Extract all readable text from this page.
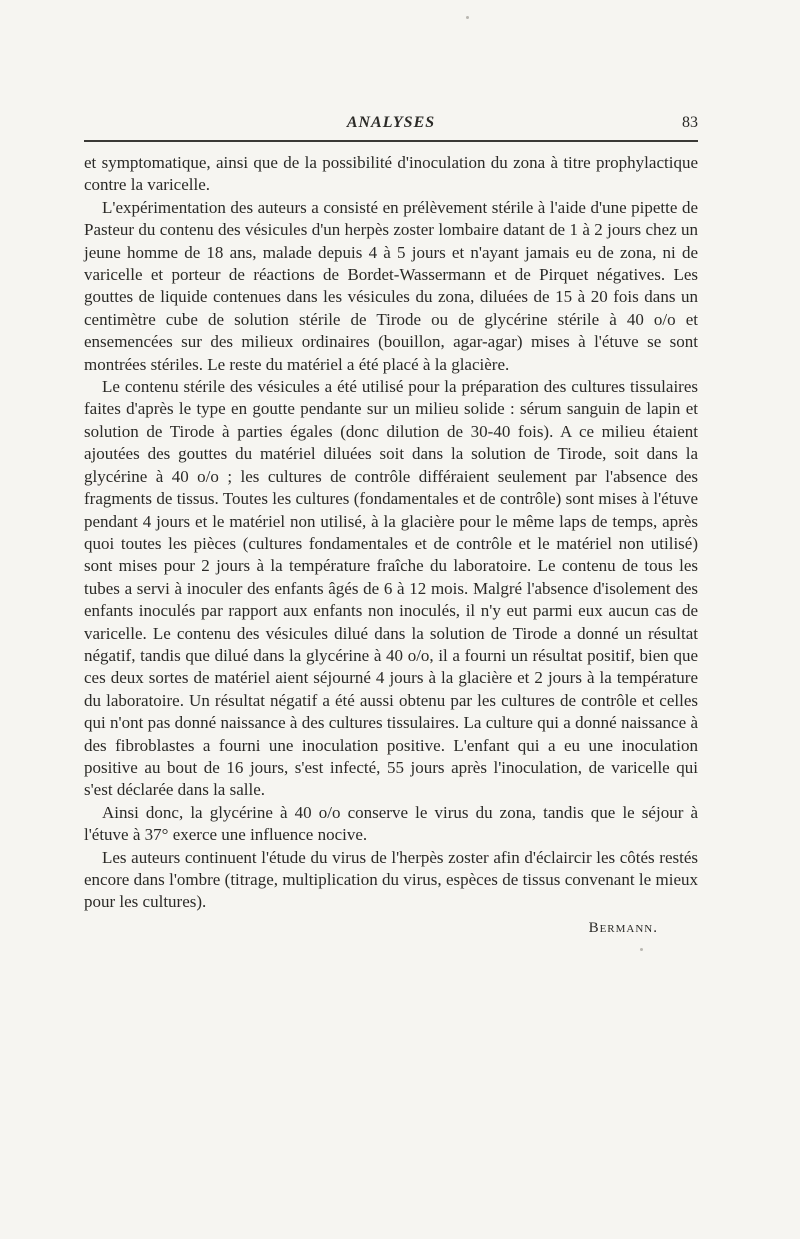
ANALYSES	83

et symptomatique, ainsi que de la possibilité d'inoculation du zona à titre prophylactique contre la varicelle.

L'expérimentation des auteurs a consisté en prélèvement stérile à l'aide d'une pipette de Pasteur du contenu des vésicules d'un herpès zoster lombaire datant de 1 à 2 jours chez un jeune homme de 18 ans, malade depuis 4 à 5 jours et n'ayant jamais eu de zona, ni de varicelle et porteur de réactions de Bordet-Wassermann et de Pirquet négatives. Les gouttes de liquide contenues dans les vésicules du zona, diluées de 15 à 20 fois dans un centimètre cube de solution stérile de Tirode ou de glycérine stérile à 40 o/o et ensemencées sur des milieux ordinaires (bouillon, agar-agar) mises à l'étuve se sont montrées stériles. Le reste du matériel a été placé à la glacière.

Le contenu stérile des vésicules a été utilisé pour la préparation des cultures tissulaires faites d'après le type en goutte pendante sur un milieu solide : sérum sanguin de lapin et solution de Tirode à parties égales (donc dilution de 30-40 fois). A ce milieu étaient ajoutées des gouttes du matériel diluées soit dans la solution de Tirode, soit dans la glycérine à 40 o/o ; les cultures de contrôle différaient seulement par l'absence des fragments de tissus. Toutes les cultures (fondamentales et de contrôle) sont mises à l'étuve pendant 4 jours et le matériel non utilisé, à la glacière pour le même laps de temps, après quoi toutes les pièces (cultures fondamentales et de contrôle et le matériel non utilisé) sont mises pour 2 jours à la température fraîche du laboratoire. Le contenu de tous les tubes a servi à inoculer des enfants âgés de 6 à 12 mois. Malgré l'absence d'isolement des enfants inoculés par rapport aux enfants non inoculés, il n'y eut parmi eux aucun cas de varicelle. Le contenu des vésicules dilué dans la solution de Tirode a donné un résultat négatif, tandis que dilué dans la glycérine à 40 o/o, il a fourni un résultat positif, bien que ces deux sortes de matériel aient séjourné 4 jours à la glacière et 2 jours à la température du laboratoire. Un résultat négatif a été aussi obtenu par les cultures de contrôle et celles qui n'ont pas donné naissance à des cultures tissulaires. La culture qui a donné naissance à des fibroblastes a fourni une inoculation positive. L'enfant qui a eu une inoculation positive au bout de 16 jours, s'est infecté, 55 jours après l'inoculation, de varicelle qui s'est déclarée dans la salle.

Ainsi donc, la glycérine à 40 o/o conserve le virus du zona, tandis que le séjour à l'étuve à 37° exerce une influence nocive.

Les auteurs continuent l'étude du virus de l'herpès zoster afin d'éclaircir les côtés restés encore dans l'ombre (titrage, multiplication du virus, espèces de tissus convenant le mieux pour les cultures).

Bermann.
